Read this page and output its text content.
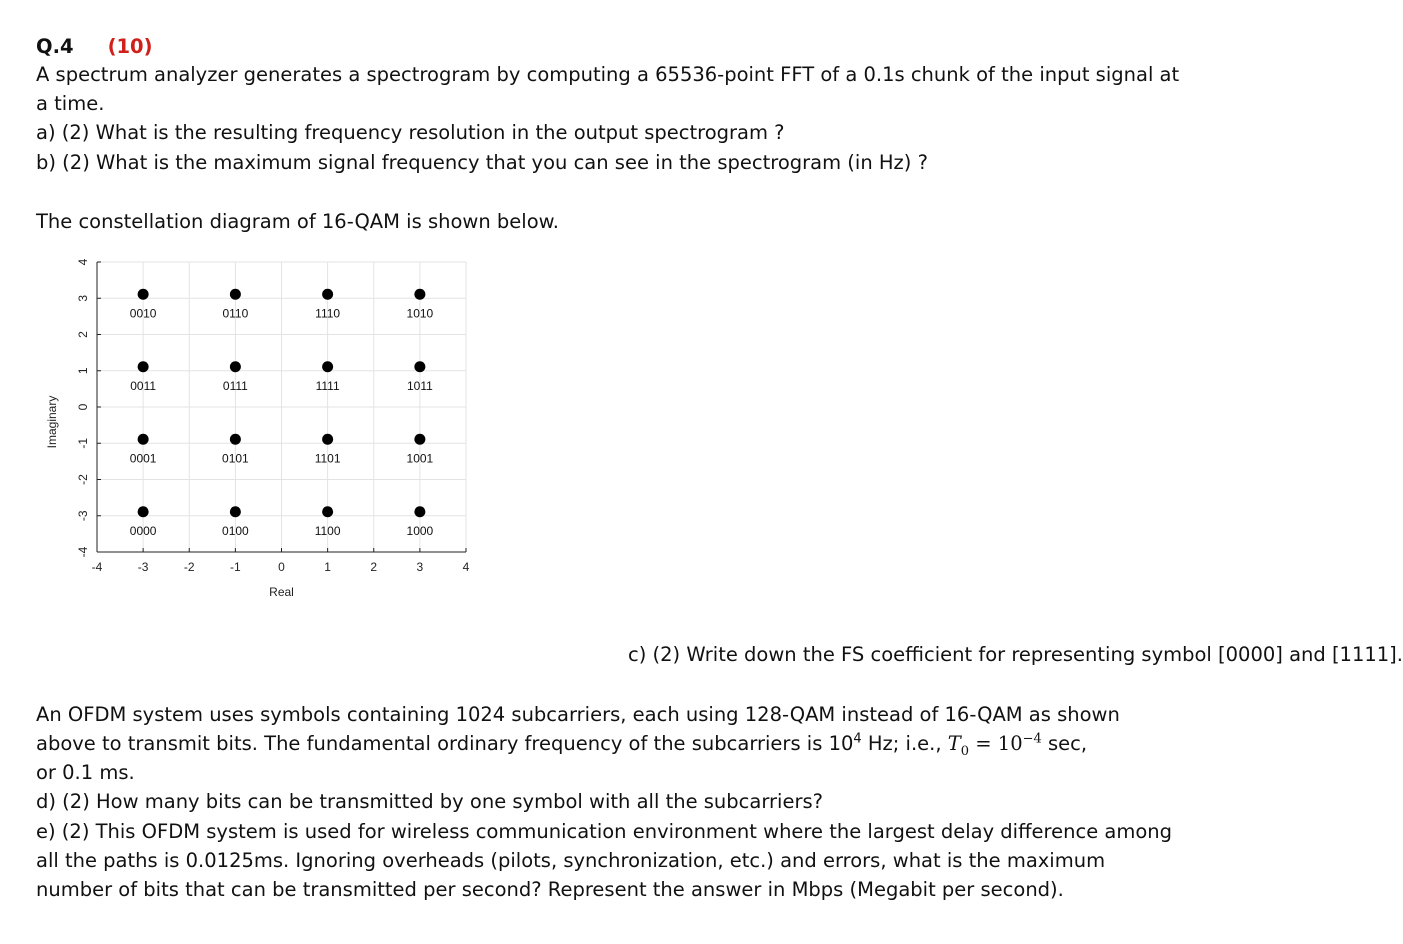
Q.4 (10)
A spectrum analyzer generates a spectrogram by computing a 65536-point FFT of a 0.1s chunk of the input signal at
a time.
a) (2) What is the resulting frequency resolution in the output spectrogram ?
b) (2) What is the maximum signal frequency that you can see in the spectrogram (in Hz) ?
The constellation diagram of 16-QAM is shown below.
-4	-3	-2	-1	0	1	2	3	4
-4
-3
-2
-1
0
1
2
3
4
0010	0110	1110	1010
0011	0111	1111	1011
0001	0101	1101	1001
0000	0100	1100	1000
Real
Imaginary
c) (2) Write down the FS coefficient for representing symbol [0000] and [1111].
An OFDM system uses symbols containing 1024 subcarriers, each using 128-QAM instead of 16-QAM as shown
above to transmit bits. The fundamental ordinary frequency of the subcarriers is $10^4$ Hz; i.e., $T_0 = 10^{-4}$ sec,
or 0.1 ms.
d) (2) How many bits can be transmitted by one symbol with all the subcarriers?
e) (2) This OFDM system is used for wireless communication environment where the largest delay difference among
all the paths is 0.0125ms. Ignoring overheads (pilots, synchronization, etc.) and errors, what is the maximum
number of bits that can be transmitted per second? Represent the answer in Mbps (Megabit per second).
